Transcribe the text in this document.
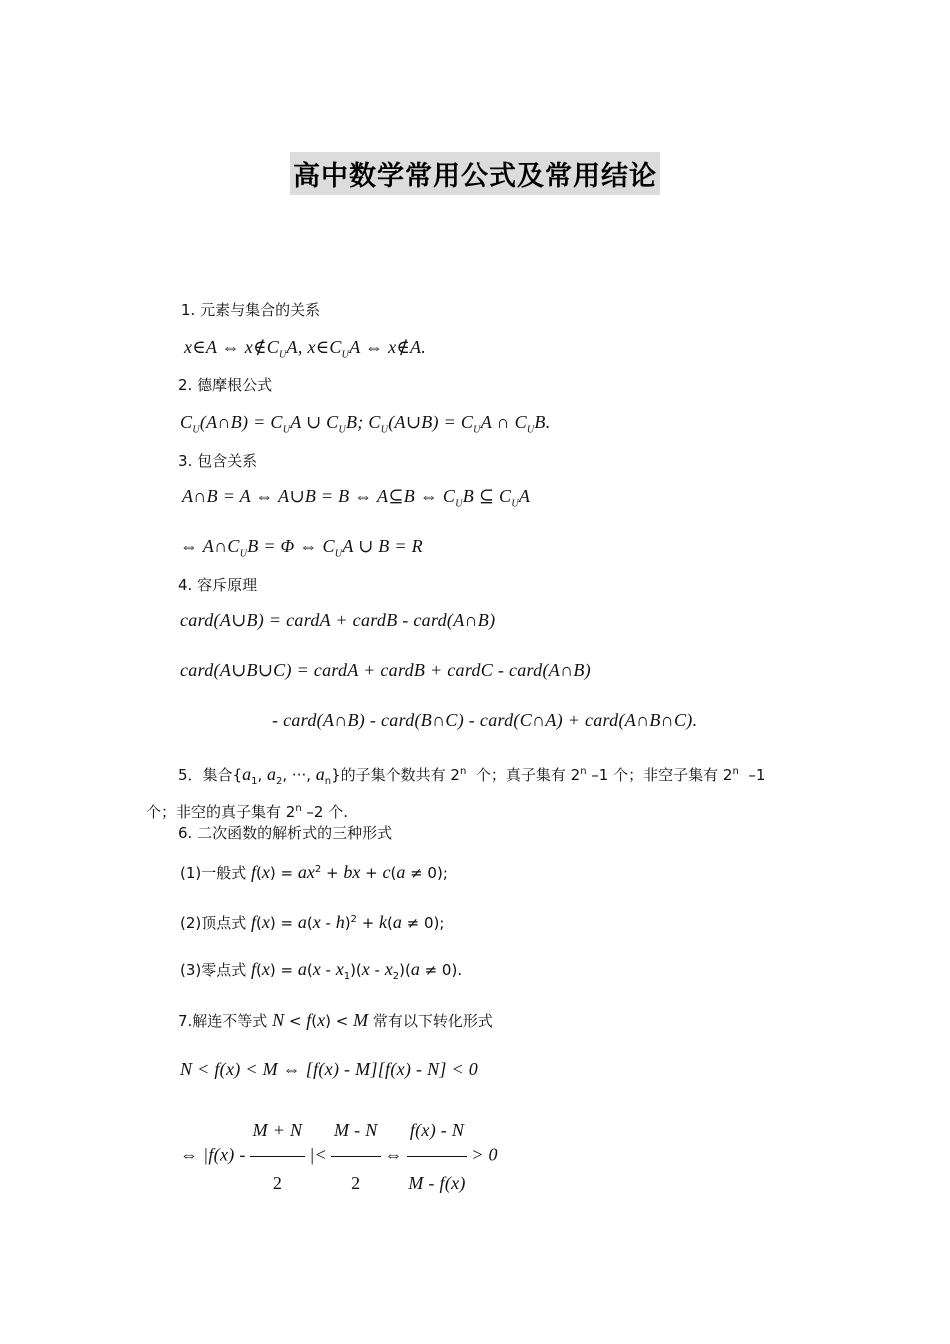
高中数学常用公式及常用结论
1. 元素与集合的关系
x∈A ⇔ $x\notin C_UA$, $x\in C_UA$ ⇔ x∉A.
2. 德摩根公式
$C_U(A\cap B) = C_UA$ ∪ $C_UB$; $C_U(A\cup B) = C_UA$ ∩ $C_UB$.
3. 包含关系
A∩B = A ⇔ A∪B = B ⇔ A⊆B ⇔ $C_UB$ ⊆ $C_UA$
⇔ $A\cap C_UB = \Phi$ ⇔ $C_UA$ ∪ B = R
4. 容斥原理
card(A∪B) = cardA + cardB - card(A∩B)
card(A∪B∪C) = cardA + cardB + cardC - card(A∩B)
- card(A∩B) - card(B∩C) - card(C∩A) + card(A∩B∩C).
5．集合{$a_1$, $a_2$, ···, $a_n$}的子集个数共有 2$^n$  个；真子集有 2$^n$ –1 个；非空子集有 2$^n$  –1
个；非空的真子集有 2$^n$ –2 个.
6. 二次函数的解析式的三种形式
(1)一般式 $f(x) = ax^2$ + bx + c(a ≠ 0);
(2)顶点式 f(x) = a(x - h)$^2$ + k(a ≠ 0);
(3)零点式 $f(x) = a(x - x_1)(x - x_2)(a \ne 0)$.
7.解连不等式 N < f(x) < M 常有以下转化形式
N < f(x) < M ⇔ [f(x) - M][f(x) - N] < 0
⇔ $|f(x) - \frac{M + N}{2}$ |< $\frac{M - N}{2}$ ⇔ $\frac{f(x) - N}{M - f(x)} > 0$
